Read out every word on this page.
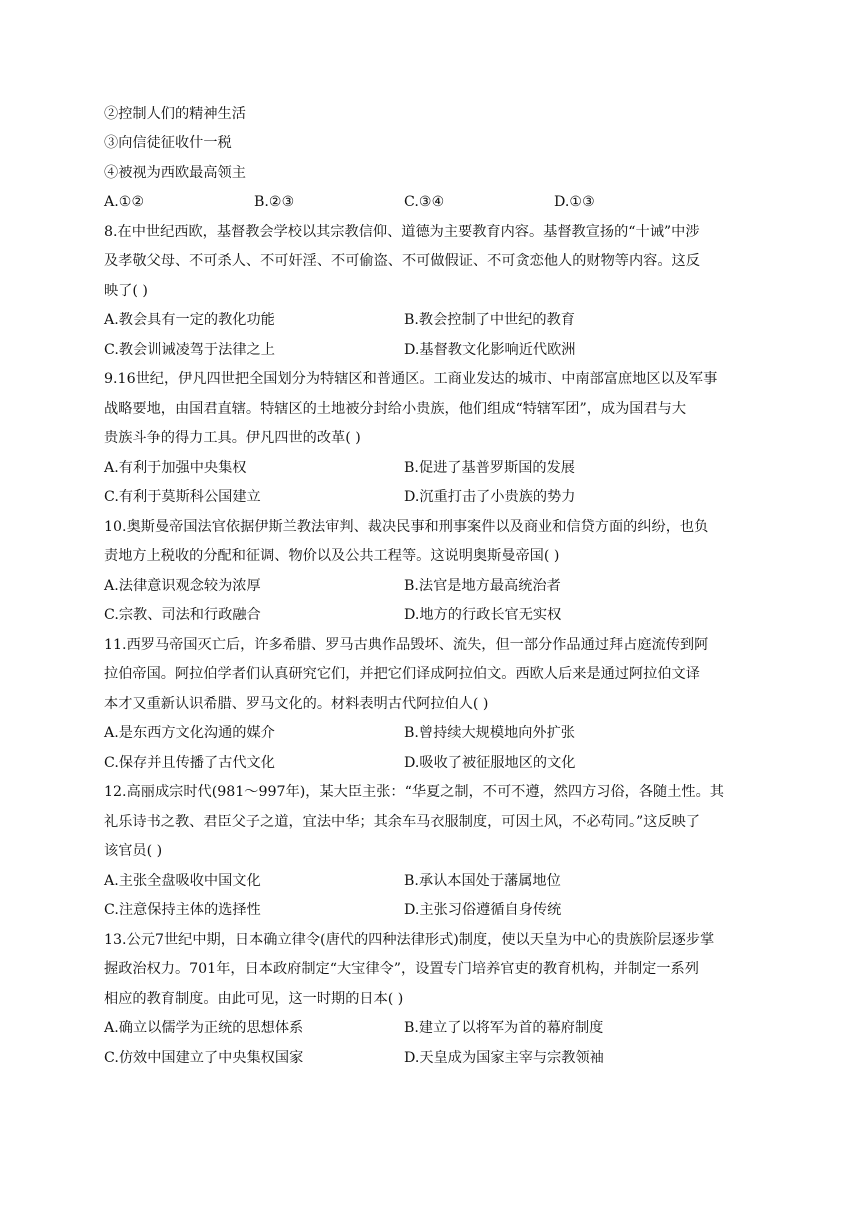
②控制人们的精神生活
③向信徒征收什一税
④被视为西欧最高领主
A.①②	B.②③	C.③④	D.①③
8.在中世纪西欧，基督教会学校以其宗教信仰、道德为主要教育内容。基督教宣扬的“十诫”中涉
及孝敬父母、不可杀人、不可奸淫、不可偷盗、不可做假证、不可贪恋他人的财物等内容。这反
映了( )
A.教会具有一定的教化功能	B.教会控制了中世纪的教育
C.教会训诫凌驾于法律之上	D.基督教文化影响近代欧洲
9.16世纪，伊凡四世把全国划分为特辖区和普通区。工商业发达的城市、中南部富庶地区以及军事
战略要地，由国君直辖。特辖区的土地被分封给小贵族，他们组成“特辖军团”，成为国君与大
贵族斗争的得力工具。伊凡四世的改革( )
A.有利于加强中央集权	B.促进了基普罗斯国的发展
C.有利于莫斯科公国建立	D.沉重打击了小贵族的势力
10.奥斯曼帝国法官依据伊斯兰教法审判、裁决民事和刑事案件以及商业和信贷方面的纠纷，也负
责地方上税收的分配和征调、物价以及公共工程等。这说明奥斯曼帝国( )
A.法律意识观念较为浓厚	B.法官是地方最高统治者
C.宗教、司法和行政融合	D.地方的行政长官无实权
11.西罗马帝国灭亡后，许多希腊、罗马古典作品毁坏、流失，但一部分作品通过拜占庭流传到阿
拉伯帝国。阿拉伯学者们认真研究它们，并把它们译成阿拉伯文。西欧人后来是通过阿拉伯文译
本才又重新认识希腊、罗马文化的。材料表明古代阿拉伯人( )
A.是东西方文化沟通的媒介	B.曾持续大规模地向外扩张
C.保存并且传播了古代文化	D.吸收了被征服地区的文化
12.高丽成宗时代(981～997年)，某大臣主张：“华夏之制，不可不遵，然四方习俗，各随土性。其
礼乐诗书之教、君臣父子之道，宜法中华；其余车马衣服制度，可因土风，不必苟同。”这反映了
该官员( )
A.主张全盘吸收中国文化	B.承认本国处于藩属地位
C.注意保持主体的选择性	D.主张习俗遵循自身传统
13.公元7世纪中期，日本确立律令(唐代的四种法律形式)制度，使以天皇为中心的贵族阶层逐步掌
握政治权力。701年，日本政府制定“大宝律令”，设置专门培养官吏的教育机构，并制定一系列
相应的教育制度。由此可见，这一时期的日本( )
A.确立以儒学为正统的思想体系	B.建立了以将军为首的幕府制度
C.仿效中国建立了中央集权国家	D.天皇成为国家主宰与宗教领袖
